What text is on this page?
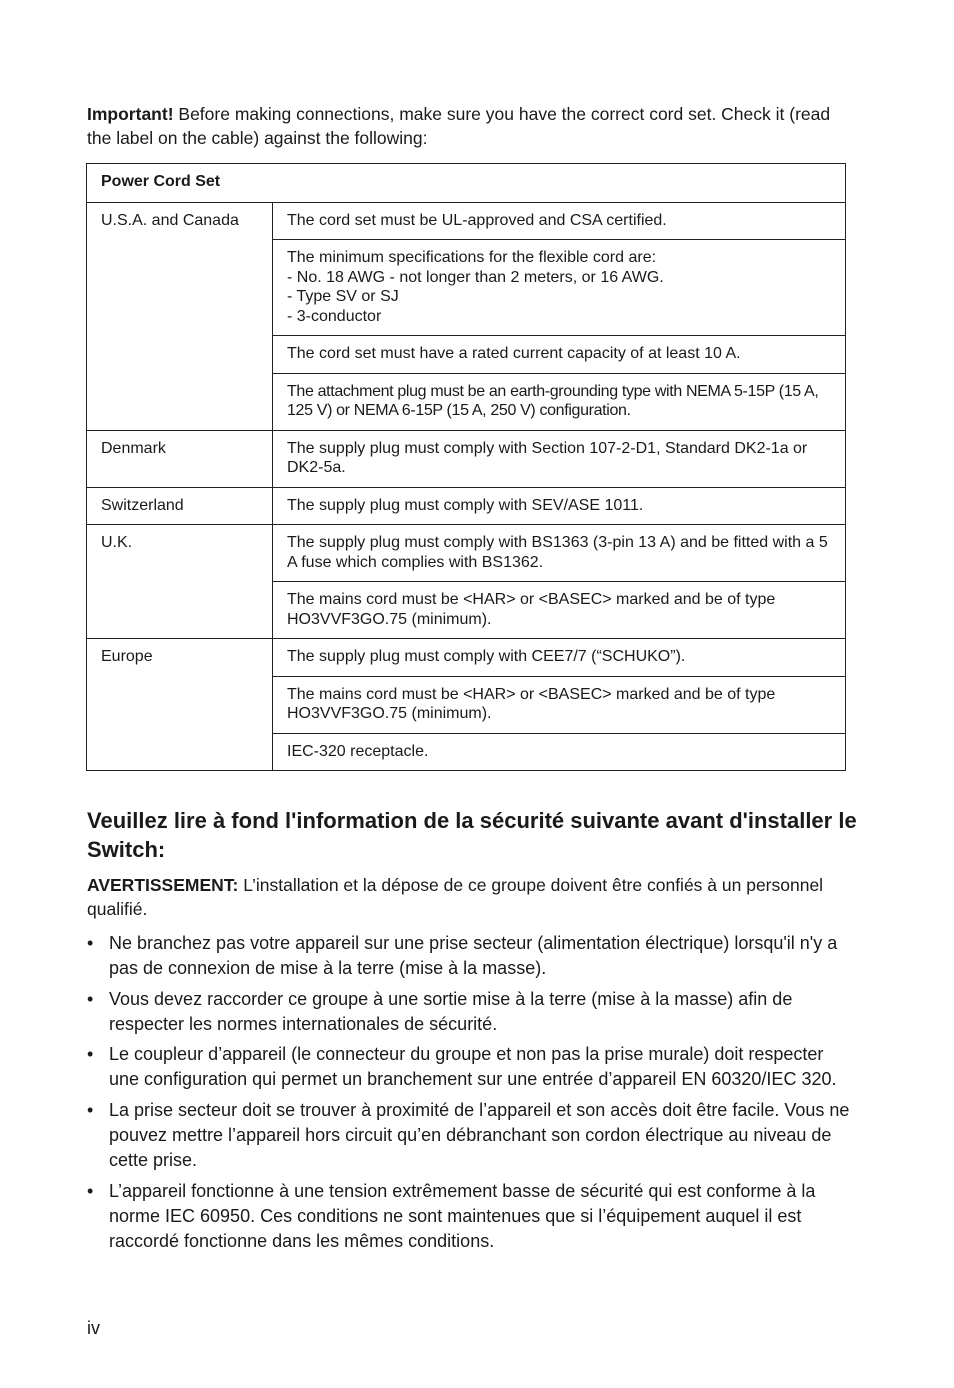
Important! Before making connections, make sure you have the correct cord set. Check it (read the label on the cable) against the following:
Power Cord Set	
U.S.A. and Canada	The cord set must be UL-approved and CSA certified.

	The minimum specifications for the flexible cord are:
- No. 18 AWG - not longer than 2 meters, or 16 AWG.
- Type SV or SJ
- 3-conductor

	The cord set must have a rated current capacity of at least 10 A.

	The attachment plug must be an earth-grounding type with NEMA 5-15P (15 A, 125 V) or NEMA 6-15P (15 A, 250 V) configuration.

Denmark	The supply plug must comply with Section 107-2-D1, Standard DK2-1a or DK2-5a.

Switzerland	The supply plug must comply with SEV/ASE 1011.

U.K.	The supply plug must comply with BS1363 (3-pin 13 A) and be fitted with a 5 A fuse which complies with BS1362.

	The mains cord must be <HAR> or <BASEC> marked and be of type HO3VVF3GO.75 (minimum).

Europe	The supply plug must comply with CEE7/7 (“SCHUKO”).

	The mains cord must be <HAR> or <BASEC> marked and be of type HO3VVF3GO.75 (minimum).

	IEC-320 receptacle.
Veuillez lire à fond l'information de la sécurité suivante avant d'installer le Switch:
AVERTISSEMENT: L’installation et la dépose de ce groupe doivent être confiés à un personnel qualifié.
• Ne branchez pas votre appareil sur une prise secteur (alimentation électrique) lorsqu'il n'y a pas de connexion de mise à la terre (mise à la masse).
• Vous devez raccorder ce groupe à une sortie mise à la terre (mise à la masse) afin de respecter les normes internationales de sécurité.
• Le coupleur d’appareil (le connecteur du groupe et non pas la prise murale) doit respecter une configuration qui permet un branchement sur une entrée d’appareil EN 60320/IEC 320.
• La prise secteur doit se trouver à proximité de l’appareil et son accès doit être facile. Vous ne pouvez mettre l’appareil hors circuit qu’en débranchant son cordon électrique au niveau de cette prise.
• L’appareil fonctionne à une tension extrêmement basse de sécurité qui est conforme à la norme IEC 60950. Ces conditions ne sont maintenues que si l’équipement auquel il est raccordé fonctionne dans les mêmes conditions.
iv
